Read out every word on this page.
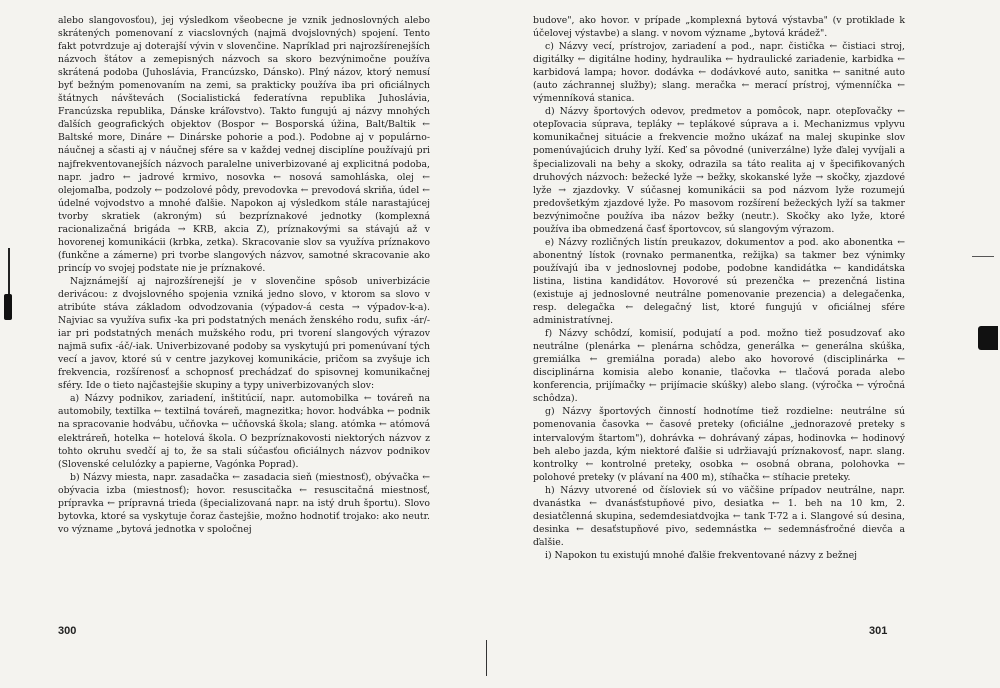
alebo slangovosťou), jej výsledkom všeobecne je vznik jednoslovných alebo skrátených pomenovaní z viacslovných (najmä dvojslovných) spojení. Tento fakt potvrdzuje aj doterajší vývin v slovenčine. Napríklad pri najrozšírenejších názvoch štátov a zemepisných názvoch sa skoro bezvýnimočne používa skrátená podoba (Juhoslávia, Francúzsko, Dánsko). Plný názov, ktorý nemusí byť bežným pomenovaním na zemi, sa prakticky používa iba pri oficiálnych štátnych návštevách (Socialistická federatívna republika Juhoslávia, Francúzska republika, Dánske kráľovstvo). Takto fungujú aj názvy mnohých ďalších geografických objektov (Bospor ← Bosporská úžina, Balt/Baltik ← Baltské more, Dináre ← Dinárske pohorie a pod.). Podobne aj v populárno-náučnej a sčasti aj v náučnej sfére sa v každej vednej disciplíne používajú pri najfrekventovanejších názvoch paralelne univerbizované aj explicitná podoba, napr. jadro ← jadrové krmivo, nosovka ← nosová samohláska, olej ← olejomaľba, podzoly ← podzolové pôdy, prevodovka ← prevodová skriňa, údel ← údelné vojvodstvo a mnohé ďalšie. Napokon aj výsledkom stále narastajúcej tvorby skratiek (akroným) sú bezpríznakové jednotky (komplexná racionalizačná brigáda → KRB, akcia Z), príznakovými sa stávajú až v hovorenej komunikácii (krbka, zetka). Skracovanie slov sa využíva príznakovo (funkčne a zámerne) pri tvorbe slangových názvov, samotné skracovanie ako princíp vo svojej podstate nie je príznakové.

Najznámejší aj najrozšírenejší je v slovenčine spôsob univerbizácie derivácou: z dvojslovného spojenia vzniká jedno slovo, v ktorom sa slovo v atribúte stáva základom odvodzovania (výpadov-á cesta → výpadov-k-a). Najviac sa využíva sufix -ka pri podstatných menách ženského rodu, sufix -ár/-iar pri podstatných menách mužského rodu, pri tvorení slangových výrazov najmä sufix -áč/-iak. Univerbizované podoby sa vyskytujú pri pomenúvaní tých vecí a javov, ktoré sú v centre jazykovej komunikácie, pričom sa zvyšuje ich frekvencia, rozšírenosť a schopnosť prechádzať do spisovnej komunikačnej sféry. Ide o tieto najčastejšie skupiny a typy univerbizovaných slov:

a) Názvy podnikov, zariadení, inštitúcií, napr. automobilka ← továreň na automobily, textilka ← textilná továreň, magnezitka; hovor. hodvábka ← podnik na spracovanie hodvábu, učňovka ← učňovská škola; slang. atómka ← atómová elektráreň, hotelka ← hotelová škola. O bezpríznakovosti niektorých názvov z tohto okruhu svedčí aj to, že sa stali súčasťou oficiálnych názvov podnikov (Slovenské celulózky a papierne, Vagónka Poprad).

b) Názvy miesta, napr. zasadačka ← zasadacia sieň (miestnosť), obývačka ← obývacia izba (miestnosť); hovor. resuscitačka ← resuscitačná miestnosť, prípravka ← prípravná trieda (špecializovaná napr. na istý druh športu). Slovo bytovka, ktoré sa vyskytuje čoraz častejšie, možno hodnotiť trojako: ako neutr. vo význame „bytová jednotka v spoločnej

300

budove", ako hovor. v prípade „komplexná bytová výstavba" (v protiklade k účelovej výstavbe) a slang. v novom význame „bytová krádež".

c) Názvy vecí, prístrojov, zariadení a pod., napr. čistička ← čistiaci stroj, digitálky ← digitálne hodiny, hydraulika ← hydraulické zariadenie, karbidka ← karbidová lampa; hovor. dodávka ← dodávkové auto, sanitka ← sanitné auto (auto záchrannej služby); slang. meračka ← merací prístroj, výmenníčka ← výmenníková stanica.

d) Názvy športových odevov, predmetov a pomôcok, napr. otepľovačky ← otepľovacia súprava, tepláky ← teplákové súprava a i. Mechanizmus vplyvu komunikačnej situácie a frekvencie možno ukázať na malej skupinke slov pomenúvajúcich druhy lyží. Keď sa pôvodné (univerzálne) lyže ďalej vyvíjali a špecializovali na behy a skoky, odrazila sa táto realita aj v špecifikovaných druhových názvoch: bežecké lyže → bežky, skokanské lyže → skočky, zjazdové lyže → zjazdovky. V súčasnej komunikácii sa pod názvom lyže rozumejú predovšetkým zjazdové lyže. Po masovom rozšírení bežeckých lyží sa takmer bezvýnimočne používa iba názov bežky (neutr.). Skočky ako lyže, ktoré používa iba obmedzená časť športovcov, sú slangovým výrazom.

e) Názvy rozličných listín preukazov, dokumentov a pod. ako abonentka ← abonentný lístok (rovnako permanentka, režijka) sa takmer bez výnimky používajú iba v jednoslovnej podobe, podobne kandidátka ← kandidátska listina, listina kandidátov. Hovorové sú prezenčka ← prezenčná listina (existuje aj jednoslovné neutrálne pomenovanie prezencia) a delegačenka, resp. delegačka ← delegačný list, ktoré fungujú v oficiálnej sfére administratívnej.

f) Názvy schôdzí, komisií, podujatí a pod. možno tiež posudzovať ako neutrálne (plenárka ← plenárna schôdza, generálka ← generálna skúška, gremiálka ← gremiálna porada) alebo ako hovorové (disciplinárka ← disciplinárna komisia alebo konanie, tlačovka ← tlačová porada alebo konferencia, prijímačky ← prijímacie skúšky) alebo slang. (výročka ← výročná schôdza).

g) Názvy športových činností hodnotíme tiež rozdielne: neutrálne sú pomenovania časovka ← časové preteky (oficiálne „jednorazové preteky s intervalovým štartom"), dohrávka ← dohrávaný zápas, hodinovka ← hodinový beh alebo jazda, kým niektoré ďalšie si udržiavajú príznakovosť, napr. slang. kontrolky ← kontrolné preteky, osobka ← osobná obrana, polohovka ← polohové preteky (v plávaní na 400 m), stíhačka ← stíhacie preteky.

h) Názvy utvorené od čísloviek sú vo väčšine prípadov neutrálne, napr. dvanástka ← dvanásťstupňové pivo, desiatka ← 1. beh na 10 km, 2. desiatčlenná skupina, sedemdesiatdvojka ← tank T-72 a i. Slangové sú desina, desinka ← desaťstupňové pivo, sedemnástka ← sedemnásťročné dievča a ďalšie.

i) Napokon tu existujú mnohé ďalšie frekventované názvy z bežnej

301
